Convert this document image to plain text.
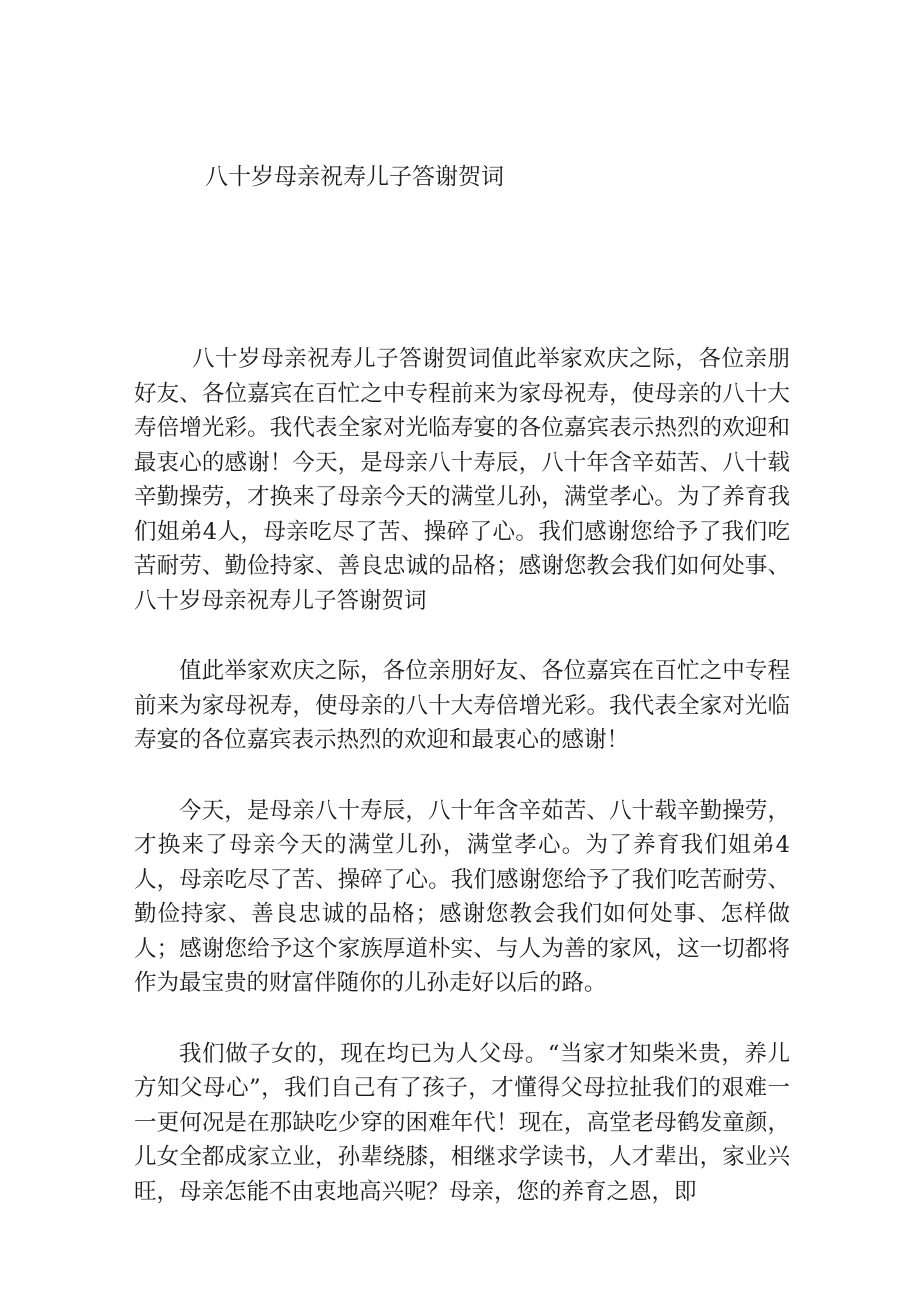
八十岁母亲祝寿儿子答谢贺词

八十岁母亲祝寿儿子答谢贺词值此举家欢庆之际，各位亲朋好友、各位嘉宾在百忙之中专程前来为家母祝寿，使母亲的八十大寿倍增光彩。我代表全家对光临寿宴的各位嘉宾表示热烈的欢迎和最衷心的感谢！今天，是母亲八十寿辰，八十年含辛茹苦、八十载辛勤操劳，才换来了母亲今天的满堂儿孙，满堂孝心。为了养育我们姐弟4人，母亲吃尽了苦、操碎了心。我们感谢您给予了我们吃苦耐劳、勤俭持家、善良忠诚的品格；感谢您教会我们如何处事、八十岁母亲祝寿儿子答谢贺词

值此举家欢庆之际，各位亲朋好友、各位嘉宾在百忙之中专程前来为家母祝寿，使母亲的八十大寿倍增光彩。我代表全家对光临寿宴的各位嘉宾表示热烈的欢迎和最衷心的感谢！

今天，是母亲八十寿辰，八十年含辛茹苦、八十载辛勤操劳，才换来了母亲今天的满堂儿孙，满堂孝心。为了养育我们姐弟4人，母亲吃尽了苦、操碎了心。我们感谢您给予了我们吃苦耐劳、勤俭持家、善良忠诚的品格；感谢您教会我们如何处事、怎样做人；感谢您给予这个家族厚道朴实、与人为善的家风，这一切都将作为最宝贵的财富伴随你的儿孙走好以后的路。

我们做子女的，现在均已为人父母。“当家才知柴米贵，养儿方知父母心”，我们自己有了孩子，才懂得父母拉扯我们的艰难一一更何况是在那缺吃少穿的困难年代！现在，高堂老母鹤发童颜，儿女全都成家立业，孙辈绕膝，相继求学读书，人才辈出，家业兴旺，母亲怎能不由衷地高兴呢？母亲，您的养育之恩，即
